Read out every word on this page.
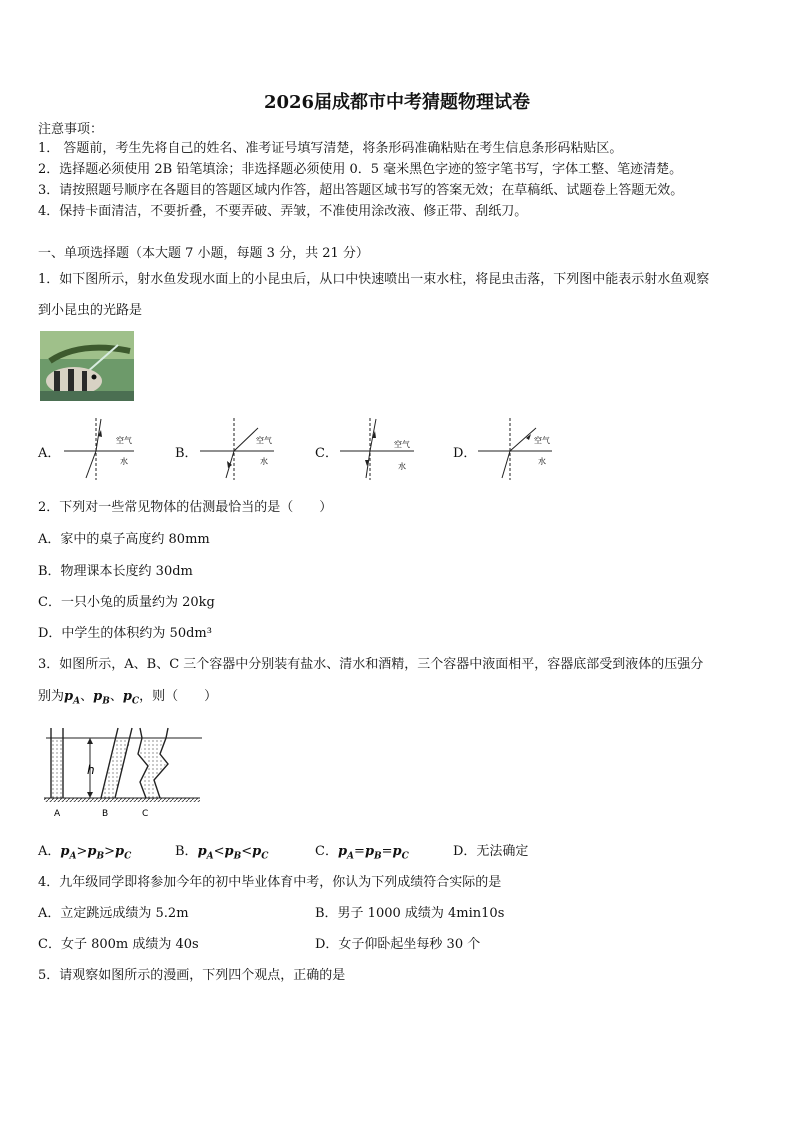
2026届成都市中考猜题物理试卷
注意事项：
1． 答题前，考生先将自己的姓名、准考证号填写清楚，将条形码准确粘贴在考生信息条形码粘贴区。
2．选择题必须使用 2B 铅笔填涂；非选择题必须使用 0．5 毫米黑色字迹的签字笔书写，字体工整、笔迹清楚。
3．请按照题号顺序在各题目的答题区域内作答，超出答题区域书写的答案无效；在草稿纸、试题卷上答题无效。
4．保持卡面清洁，不要折叠，不要弄破、弄皱，不准使用涂改液、修正带、刮纸刀。
一、单项选择题（本大题 7 小题，每题 3 分，共 21 分）
1．如下图所示，射水鱼发现水面上的小昆虫后，从口中快速喷出一束水柱，将昆虫击落，下列图中能表示射水鱼观察
到小昆虫的光路是
A．
空气
水
B．
空气
水
C．
空气
水
D．
空气
水
2．下列对一些常见物体的估测最恰当的是（　　）
A．家中的桌子高度约 80mm
B．物理课本长度约 30dm
C．一只小兔的质量约为 20kg
D．中学生的体积约为 50dm³
3．如图所示，A、B、C 三个容器中分别装有盐水、清水和酒精，三个容器中液面相平，容器底部受到液体的压强分
别为$p_A$、$p_B$、$p_C$，则（　　）
h
A	B	C
A．$p_A>p_B>p_C$	B．$p_A<p_B<p_C$	C．$p_A=p_B=p_C$	D．无法确定
4．九年级同学即将参加今年的初中毕业体育中考，你认为下列成绩符合实际的是
A．立定跳远成绩为 5.2m	B．男子 1000 成绩为 4min10s
C．女子 800m 成绩为 40s	D．女子仰卧起坐每秒 30 个
5．请观察如图所示的漫画，下列四个观点，正确的是
